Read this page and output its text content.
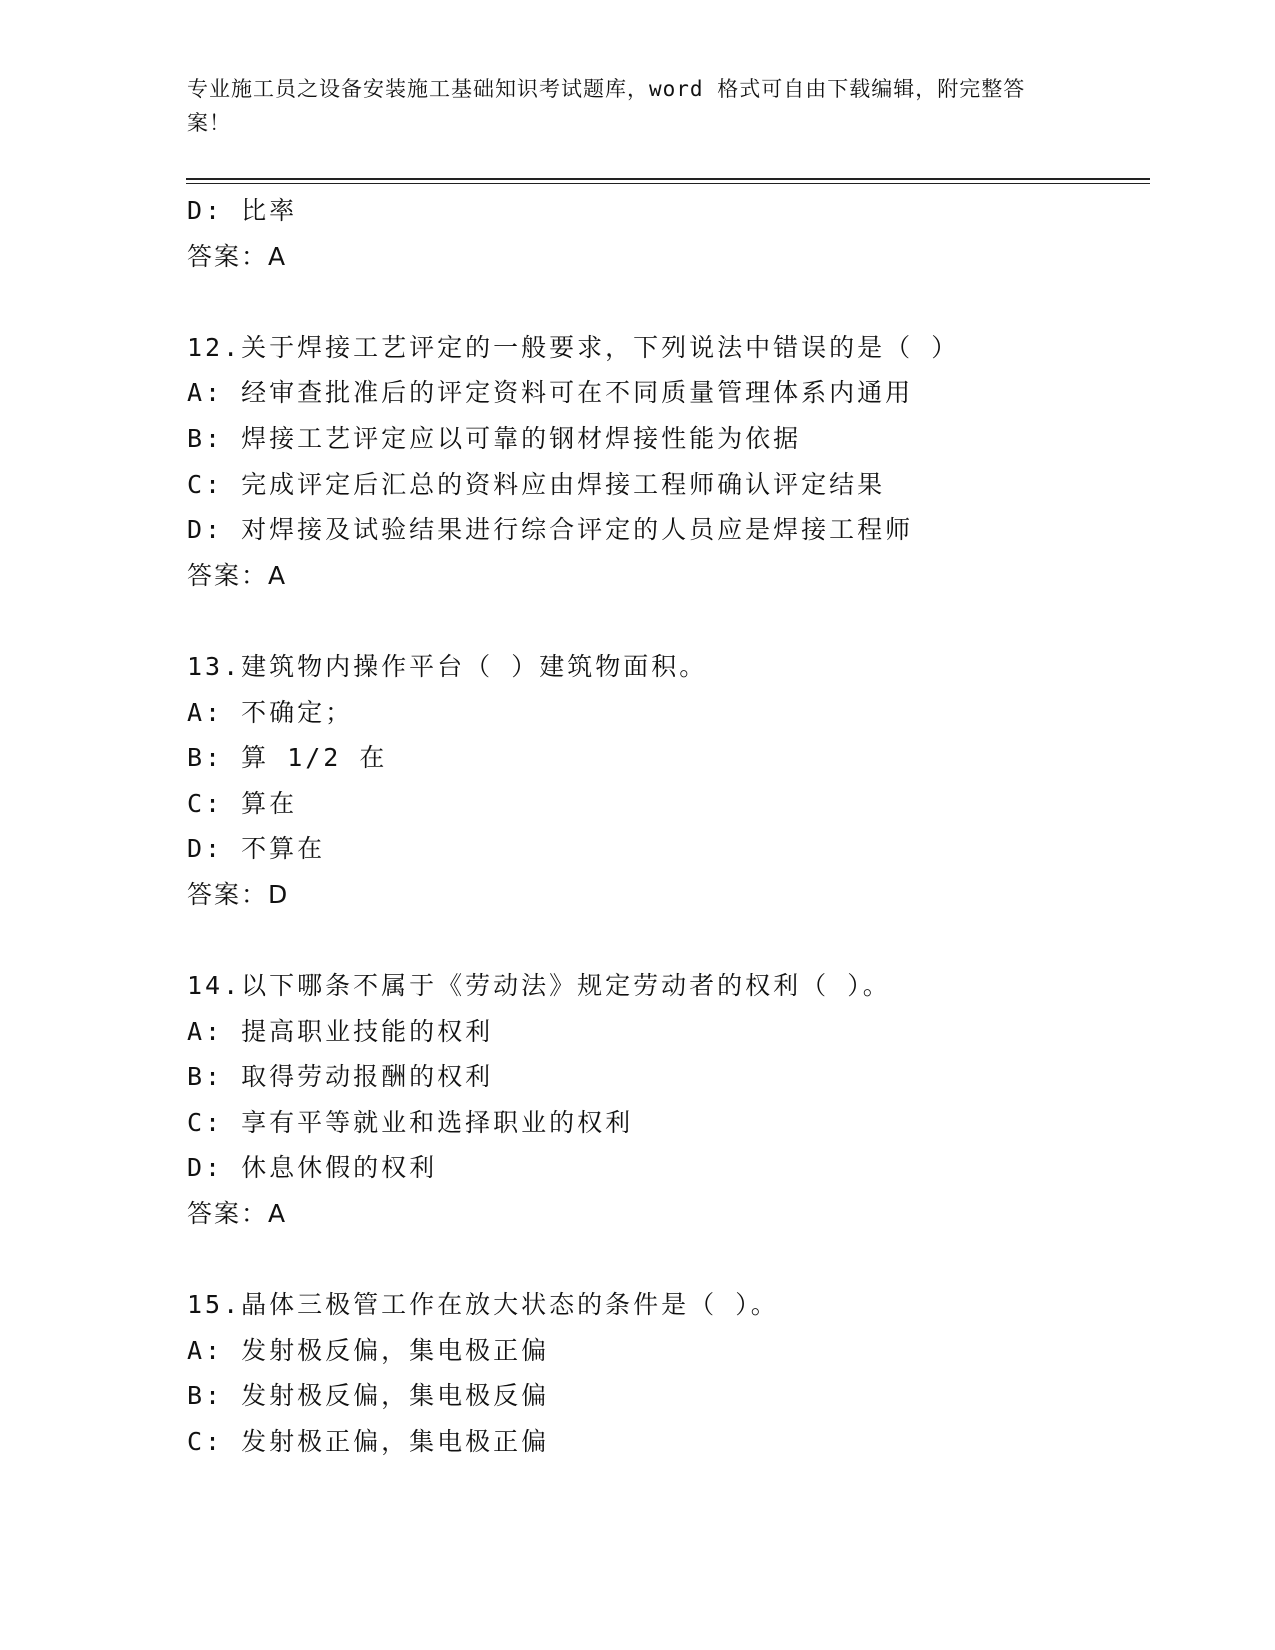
专业施工员之设备安装施工基础知识考试题库，word 格式可自由下载编辑，附完整答案！
D: 比率
答案：A
12.关于焊接工艺评定的一般要求，下列说法中错误的是（ ）
A: 经审查批准后的评定资料可在不同质量管理体系内通用
B: 焊接工艺评定应以可靠的钢材焊接性能为依据
C: 完成评定后汇总的资料应由焊接工程师确认评定结果
D: 对焊接及试验结果进行综合评定的人员应是焊接工程师
答案：A
13.建筑物内操作平台（ ）建筑物面积。
A: 不确定；
B: 算 1/2 在
C: 算在
D: 不算在
答案：D
14.以下哪条不属于《劳动法》规定劳动者的权利（ ）。
A: 提高职业技能的权利
B: 取得劳动报酬的权利
C: 享有平等就业和选择职业的权利
D: 休息休假的权利
答案：A
15.晶体三极管工作在放大状态的条件是（ ）。
A: 发射极反偏，集电极正偏
B: 发射极反偏，集电极反偏
C: 发射极正偏，集电极正偏
